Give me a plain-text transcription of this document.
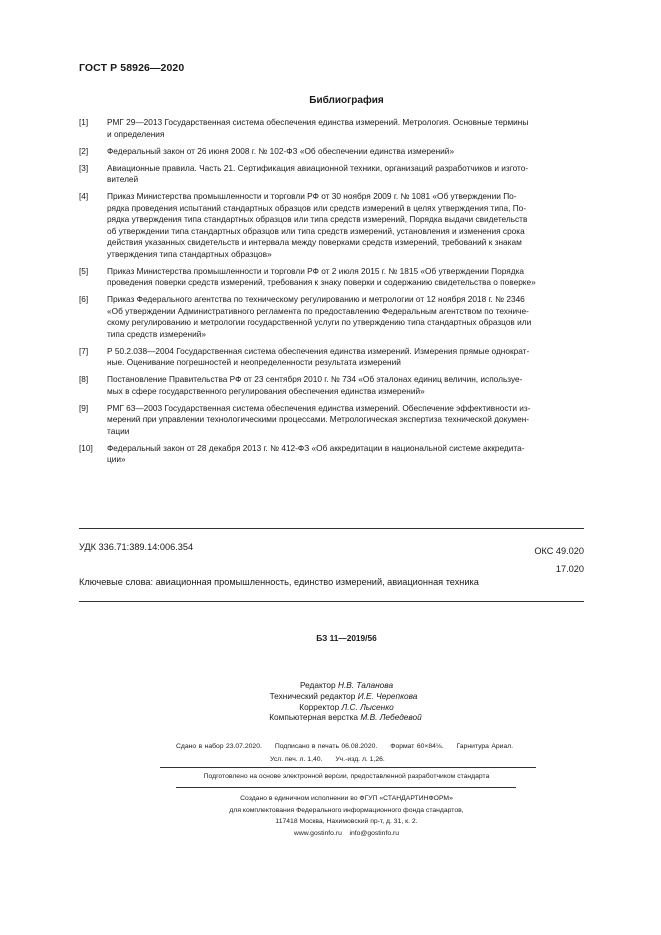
ГОСТ Р 58926—2020
Библиография
[1]	РМГ 29—2013 Государственная система обеспечения единства измерений. Метрология. Основные термины
и определения
[2]	Федеральный закон от 26 июня 2008 г. № 102-ФЗ «Об обеспечении единства измерений»
[3]	Авиационные правила. Часть 21. Сертификация авиационной техники, организаций разработчиков и изгото-
вителей
[4]	Приказ Министерства промышленности и торговли РФ от 30 ноября 2009 г. № 1081 «Об утверждении По-
рядка проведения испытаний стандартных образцов или средств измерений в целях утверждения типа, По-
рядка утверждения типа стандартных образцов или типа средств измерений, Порядка выдачи свидетельств
об утверждении типа стандартных образцов или типа средств измерений, установления и изменения срока
действия указанных свидетельств и интервала между поверками средств измерений, требований к знакам
утверждения типа стандартных образцов»
[5]	Приказ Министерства промышленности и торговли РФ от 2 июля 2015 г. № 1815 «Об утверждении Порядка
проведения поверки средств измерений, требования к знаку поверки и содержанию свидетельства о поверке»
[6]	Приказ Федерального агентства по техническому регулированию и метрологии от 12 ноября 2018 г. № 2346
«Об утверждении Административного регламента по предоставлению Федеральным агентством по техниче-
скому регулированию и метрологии государственной услуги по утверждению типа стандартных образцов или
типа средств измерений»
[7]	Р 50.2.038—2004 Государственная система обеспечения единства измерений. Измерения прямые однократ-
ные. Оценивание погрешностей и неопределенности результата измерений
[8]	Постановление Правительства РФ от 23 сентября 2010 г. № 734 «Об эталонах единиц величин, используе-
мых в сфере государственного регулирования обеспечения единства измерений»
[9]	РМГ 63—2003 Государственная система обеспечения единства измерений. Обеспечение эффективности из-
мерений при управлении технологическими процессами. Метрологическая экспертиза технической докумен-
тации
[10]	Федеральный закон от 28 декабря 2013 г. № 412-ФЗ «Об аккредитации в национальной системе аккредита-
ции»
УДК 336.71:389.14:006.354	ОКС 49.020
17.020
Ключевые слова: авиационная промышленность, единство измерений, авиационная техника
БЗ 11—2019/56
Редактор Н.В. Таланова
Технический редактор И.Е. Черепкова
Корректор Л.С. Лысенко
Компьютерная верстка М.В. Лебедевой
Сдано в набор 23.07.2020. Подписано в печать 06.08.2020. Формат 60×84⅛. Гарнитура Ариал.
Усл. печ. л. 1,40. Уч.-изд. л. 1,26.
Подготовлено на основе электронной версии, предоставленной разработчиком стандарта
Создано в единичном исполнении во ФГУП «СТАНДАРТИНФОРМ»
для комплектования Федерального информационного фонда стандартов,
117418 Москва, Нахимовский пр-т, д. 31, к. 2.
www.gostinfo.ru info@gostinfo.ru
